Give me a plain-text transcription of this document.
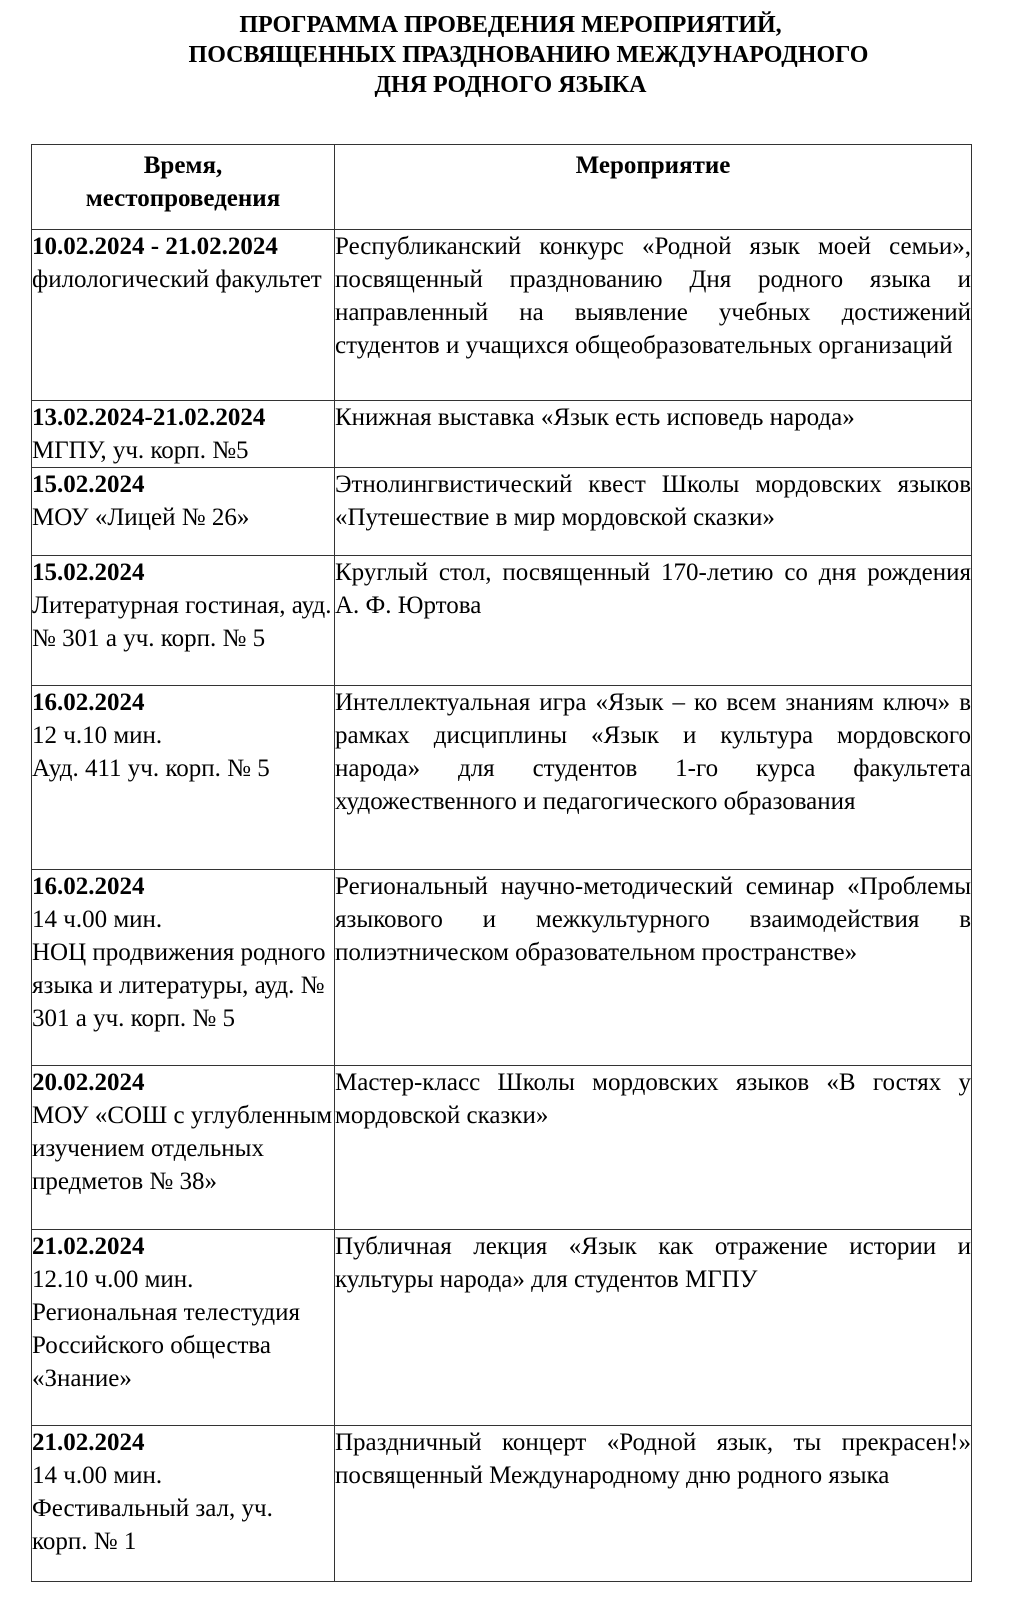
ПРОГРАММА ПРОВЕДЕНИЯ МЕРОПРИЯТИЙ,
ПОСВЯЩЕННЫХ ПРАЗДНОВАНИЮ МЕЖДУНАРОДНОГО
ДНЯ РОДНОГО ЯЗЫКА
Время,
местопроведения	Мероприятие

10.02.2024 - 21.02.2024
филологический факультет	Республиканский конкурс «Родной язык моей семьи», посвященный празднованию Дня родного языка и направленный на выявление учебных достижений студентов и учащихся общеобразовательных организаций

13.02.2024-21.02.2024
МГПУ, уч. корп. №5	Книжная выставка «Язык есть исповедь народа»

15.02.2024
МОУ «Лицей № 26»	Этнолингвистический квест Школы мордовских языков «Путешествие в мир мордовской сказки»

15.02.2024
Литературная гостиная, ауд. № 301 а уч. корп. № 5	Круглый стол, посвященный 170-летию со дня рождения А. Ф. Юртова

16.02.2024
12 ч.10 мин.
Ауд. 411 уч. корп. № 5	Интеллектуальная игра «Язык – ко всем знаниям ключ» в рамках дисциплины «Язык и культура мордовского народа» для студентов 1-го курса факультета художественного и педагогического образования

16.02.2024
14 ч.00 мин.
НОЦ продвижения родного языка и литературы, ауд. № 301 а уч. корп. № 5	Региональный научно-методический семинар «Проблемы языкового и межкультурного взаимодействия в полиэтническом образовательном пространстве»

20.02.2024
МОУ «СОШ с углубленным изучением отдельных предметов № 38»	Мастер-класс Школы мордовских языков «В гостях у мордовской сказки»

21.02.2024
12.10 ч.00 мин.
Региональная телестудия Российского общества «Знание»	Публичная лекция «Язык как отражение истории и культуры народа» для студентов МГПУ

21.02.2024
14 ч.00 мин.
Фестивальный зал, уч. корп. № 1	Праздничный концерт «Родной язык, ты прекрасен!» посвященный Международному дню родного языка
